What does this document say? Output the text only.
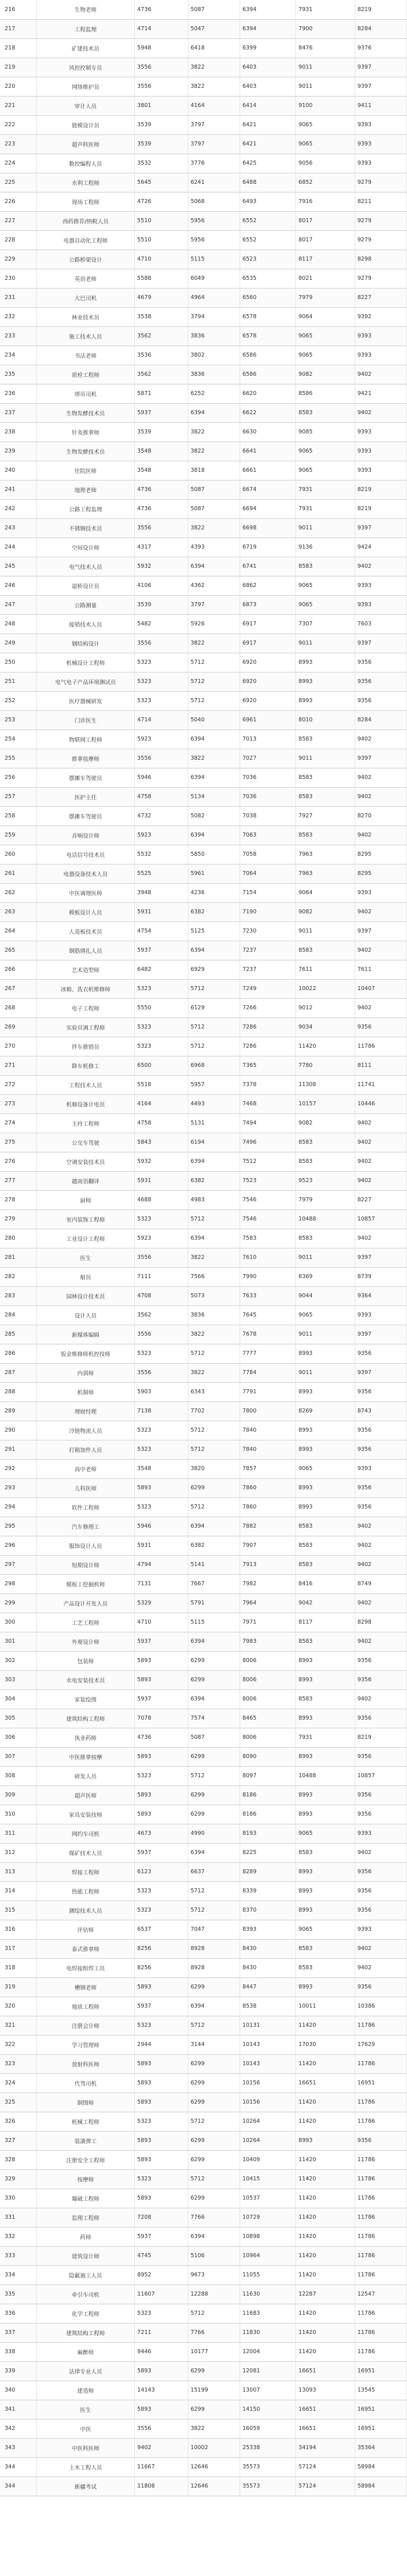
216	生物老师	4736	5087	6394	7931	8219
217	工程监理	4714	5047	6394	7900	8284
218	矿建技术员	5948	6418	6399	8476	9376
219	风控控制专员	3556	3822	6403	9011	9397
220	网络维护员	3556	3822	6403	9011	9397
221	审计人员	3801	4164	6414	9100	9411
222	链模设计员	3539	3797	6421	9065	9393
223	超声科医师	3539	3797	6421	9065	9393
224	数控编程人员	3532	3776	6425	9056	9393
225	水利工程师	5645	6241	6488	6852	9279
226	现场工程师	4726	5068	6493	7916	8211
227	西药推荐/纳税人员	5510	5956	6552	8017	9279
228	电器自动化工程师	5510	5956	6552	8017	9279
229	公路桥梁设计	4710	5115	6523	8117	8298
230	英语老师	5588	6049	6535	8021	9279
231	大巴司机	4679	4964	6560	7979	8227
232	林业技术员	3538	3794	6578	9064	9392
233	施工技术人员	3562	3836	6578	9065	9393
234	书法老师	3536	3802	6586	9065	9393
235	质检工程师	3562	3836	6586	9082	9402
236	塔吊司机	5871	6252	6620	8586	9421
237	生物发酵技术员	5937	6394	6622	8583	9402
238	针灸推拿师	3539	3822	6630	9085	9393
239	生物发酵技术员	3548	3822	6641	9065	9393
240	住院医师	3548	3818	6661	9065	9393
241	地理老师	4736	5087	6674	7931	8219
242	公路工程监理	4736	5087	6694	7931	8219
243	不锈钢技术员	3556	3822	6698	9011	9397
244	空间设计师	4317	4393	6719	9136	9424
245	电气技术人员	5932	6394	6741	8583	9402
246	道桥设计员	4106	4362	6862	9065	9393
247	公路测量	3539	3797	6873	9065	9393
248	接销技术人员	5482	5926	6917	7307	7603
249	钢结构设计	3556	3822	6917	9011	9397
250	机械设计工程师	5323	5712	6920	8993	9356
251	电气电子产品环境测试员	5323	5712	6920	8993	9356
252	医疗器械研发	5323	5712	6920	8993	9356
253	门诊医生	4714	5040	6961	8010	8284
254	物联网工程师	5923	6394	7013	8583	9402
255	推拿按摩师	3556	3822	7027	9011	9397
256	摆摊车驾驶员	5946	6394	7036	8583	9402
257	医护主任	4758	5134	7036	8583	9402
258	摆摊车驾驶员	4732	5082	7038	7927	8270
259	音响设计师	5923	6394	7063	8583	9402
260	电话信号技术员	5532	5850	7058	7963	8295
261	电器设备技术人员	5525	5961	7064	7963	8295
262	中医调理医师	3948	4236	7154	9064	9393
263	模板设计人员	5931	6382	7190	9082	9402
264	人造板技术员	4754	5125	7230	9011	9397
265	钢筋绑扎人员	5937	6394	7237	8583	9402
266	艺术造型师	6482	6929	7237	7611	7611
267	冰箱、洗衣机维修师	5323	5712	7249	10022	10407
268	电子工程师	5550	6129	7266	9012	9402
269	实验员调工程师	5323	5712	7286	9034	9356
270	拌车推销员	5323	5712	7286	11420	11786
271	降车机修工	6500	6968	7365	7780	8111
272	工程技术人员	5518	5957	7378	11308	11741
273	机修设备计电员	4164	4493	7468	10157	10446
274	主持工程师	4758	5131	7494	9082	9402
275	公交车驾驶	5843	6194	7496	8583	9402
276	空调安装技术员	5932	6394	7512	8583	9402
277	越南语翻译	5931	6382	7523	9523	9402
278	厨师	4688	4983	7546	7979	8227
279	室内装饰工程师	5323	5712	7546	10488	10857
280	工业设计工程师	5923	6394	7583	8583	9402
281	医生	3556	3822	7610	9011	9397
282	船员	7111	7566	7990	8369	8739
283	园林设计技术员	4708	5073	7633	9044	9364
284	设计人员	3562	3836	7645	9065	9393
285	新媒体编辑	3556	3822	7678	9011	9397
286	钣金维修师机控技师	5323	5712	7777	8993	9356
287	内训师	3556	3822	7784	9011	9397
288	机制师	5903	6343	7791	8993	9356
289	理财经理	7138	7702	7800	8269	8743
290	冷链物流人员	5323	5712	7840	8993	9356
291	打箱加件人员	5323	5712	7840	8993	9356
292	高中老师	3548	3820	7857	9065	9393
293	儿科医师	5893	6299	7860	8993	9356
294	软件工程师	5323	5712	7860	8993	9356
295	汽车修理工	5946	6394	7882	8583	9402
296	服饰设计人员	5931	6382	7907	8583	9402
297	短期设计师	4794	5141	7913	8583	9402
298	模板工挖掘机师	7131	7667	7982	8416	8749
299	产品设计开发人员	5329	5791	7964	9042	9402
300	工艺工程师	4710	5115	7971	8117	8298
301	外观设计师	5937	6394	7983	8583	9402
302	包装师	5893	6299	8006	8993	9356
303	水电安装技术员	5893	6299	8006	8993	9356
304	家装绘图	5937	6394	8006	8583	9402
305	建筑结构工程师	7078	7574	8465	8993	9356
306	执业药师	4736	5087	8006	7931	8219
307	中医推拿按摩	5893	6299	8090	8993	9356
308	研发人员	5323	5712	8097	10488	10857
309	超声医师	5893	6299	8186	8993	9356
310	家具安装技师	5893	6299	8186	8993	9356
311	网约车司机	4673	4990	8193	9065	9393
312	煤矿技术人员	5937	6394	8225	8583	9402
313	焊接工程师	6123	6637	8289	8993	9356
314	热能工程师	5323	5712	8339	8993	9356
315	测绘技术人员	5323	5712	8370	8993	9356
316	评估师	6537	7047	8393	9065	9393
317	泰式推拿师	8256	8928	8430	8583	9402
318	电焊接组焊工员	8256	8928	8430	8583	9402
319	槽钢老师	5893	6299	8447	8993	9356
320	地质工程师	5937	6394	8538	10011	10386
321	注册会计师	5323	5712	10131	11420	11786
322	学习管理师	2944	3144	10143	17030	17629
323	放射科医师	5893	6299	10143	11420	11786
324	代驾司机	5893	6299	10156	16651	16951
325	制图师	5893	6299	10156	11420	11786
326	机械工程师	5323	5712	10264	11420	11786
327	装潢弹工	5893	6299	10264	8993	9356
328	注册安全工程师	5893	6299	10409	11420	11786
329	按摩师	5323	5712	10415	11420	11786
330	爆破工程师	5893	6299	10537	11420	11786
331	监理工程师	7208	7766	10729	11420	11786
332	药师	5937	6394	10898	11420	11786
333	建筑设计师	4745	5106	10964	11420	11786
334	隐蔽施工人员	8952	9673	11055	11420	11786
335	牵引车司机	11607	12288	11630	12287	12547
336	化学工程师	5323	5712	11683	11420	11786
337	建筑结构工程师	7211	7766	11830	11420	11786
338	麻醉师	9446	10177	12004	11420	11786
339	法律专业人员	5893	6299	12081	16651	16951
340	建造师	14143	15199	13007	13093	13545
341	医生	5893	6299	14150	16651	16951
342	中医	3556	3822	16059	16651	16951
343	中医科医师	9402	10002	25338	34194	35364
344	土木工程人员	11667	12646	35573	57124	58984
344	新疆考试	11808	12646	35573	57124	58984
